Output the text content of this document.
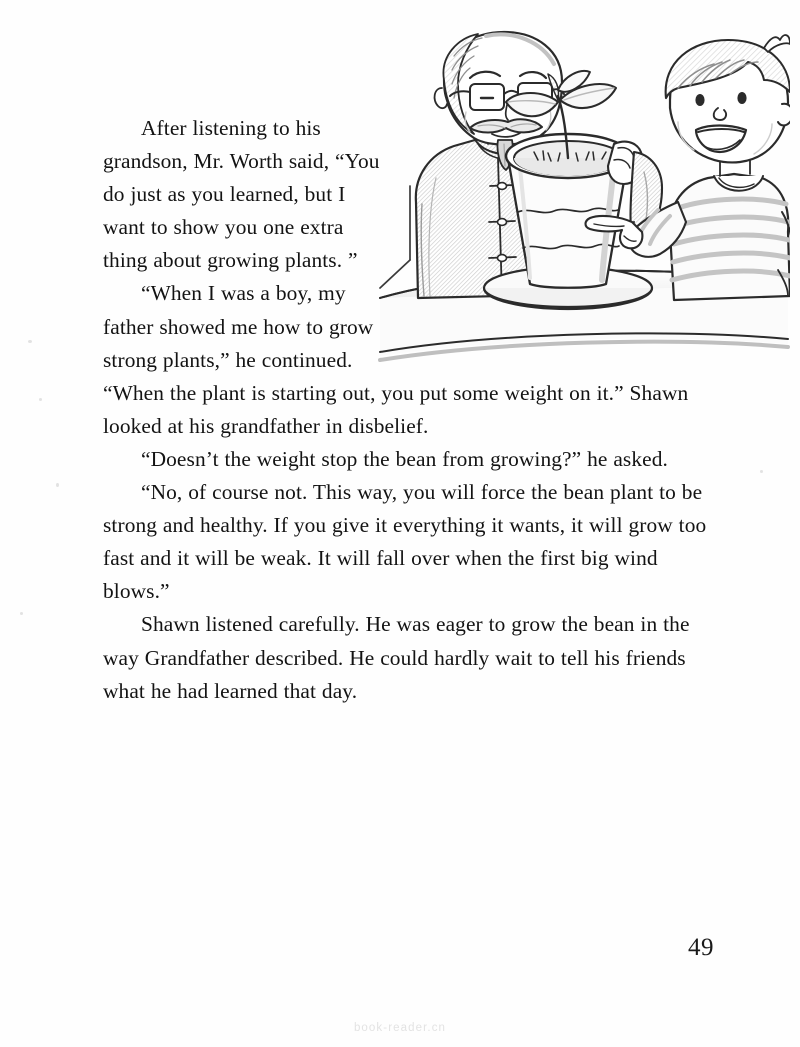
After listening to his grandson, Mr. Worth said, “You do just as you learned, but I want to show you one extra thing about growing plants. ”

“When I was a boy, my father showed me how to grow strong plants,” he continued. “When the plant is starting out, you put some weight on it.” Shawn looked at his grandfather in disbelief.

“Doesn’t the weight stop the bean from growing?” he asked.

“No, of course not. This way, you will force the bean plant to be strong and healthy. If you give it everything it wants, it will grow too fast and it will be weak. It will fall over when the first big wind blows.”

Shawn listened carefully. He was eager to grow the bean in the way Grandfather described. He could hardly wait to tell his friends what he had learned that day.

49
book-reader.cn
